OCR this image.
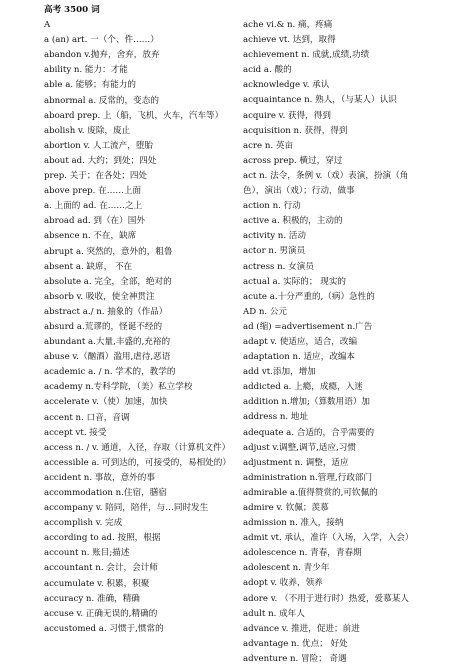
高考 3500 词
A
a (an) art. 一（个、件……）
abandon v.抛弃，舍弃，放弃
ability n. 能力：才能
able a. 能够；有能力的
abnormal a. 反常的，变态的
aboard prep. 上（船，飞机，火车，汽车等）
abolish v. 废除，废止
abortion v. 人工流产，堕胎
about ad. 大约；到处；四处
prep. 关于；在各处；四处
above prep. 在……上面
a. 上面的 ad. 在……之上
abroad ad. 到（在）国外
absence n. 不在，缺席
abrupt a. 突然的，意外的，粗鲁
absent a. 缺席， 不在
absolute a. 完全，全部，绝对的
absorb v. 吸收，使全神贯注
abstract a./ n. 抽象的（作品）
absurd a.荒谬的，怪诞不经的
abundant a.大量,丰盛的,充裕的
abuse v.（酗酒）滥用,虐待,恶语
academic a. / n. 学术的，教学的
academy n.专科学院，（美）私立学校
accelerate v.（使）加速，加快
accent n. 口音，音调
accept vt. 接受
access n. / v. 通道，入径，存取（计算机文件）
accessible a. 可到达的，可接受的，易相处的）
accident n. 事故，意外的事
accommodation n.住宿，膳宿
accompany v. 陪同，陪伴，与…同时发生
accomplish v. 完成
according to ad. 按照，根据
account n. 账目;描述
accountant n. 会计，会计师
accumulate v. 积累，积聚
accuracy n. 准确，精确
accuse v. 正确无误的,精确的
accustomed a. 习惯于,惯常的
ache vi.& n. 痛，疼痛
achieve vt. 达到，取得
achievement n. 成就,成绩,功绩
acid a. 酸的
acknowledge v. 承认
acquaintance n. 熟人，（与某人）认识
acquire v. 获得，得到
acquisition n. 获得，得到
acre n. 英亩
across prep. 横过，穿过
act n. 法令，条例 v.（戏）表演，扮演（角色），演出（戏）；行动，做事
action n. 行动
active a. 积极的，主动的
activity n. 活动
actor n. 男演员
actress n. 女演员
actual a. 实际的； 现实的
acute a.十分严重的,（病）急性的
AD n. 公元
ad (缩) =advertisement n.广告
adapt v. 使适应，适合，改编
adaptation n. 适应，改编本
add vt.添加，增加
addicted a. 上瘾，成瘾，入迷
addition n.增加;（算数用语）加
address n. 地址
adequate a. 合适的，合乎需要的
adjust v.调整,调节,适应,习惯
adjustment n. 调整，适应
administration n.管理,行政部门
admirable a.值得赞赏的,可钦佩的
admire v. 钦佩；羡慕
admission n. 准入，接纳
admit vt. 承认，准许（入场，入学，入会）
adolescence n. 青春，青春期
adolescent n. 青少年
adopt v. 收养，领养
adore v. （不用于进行时）热爱，爱慕某人
adult n. 成年人
advance v. 推进，促进；前进
advantage n. 优点； 好处
adventure n. 冒险； 奇遇
